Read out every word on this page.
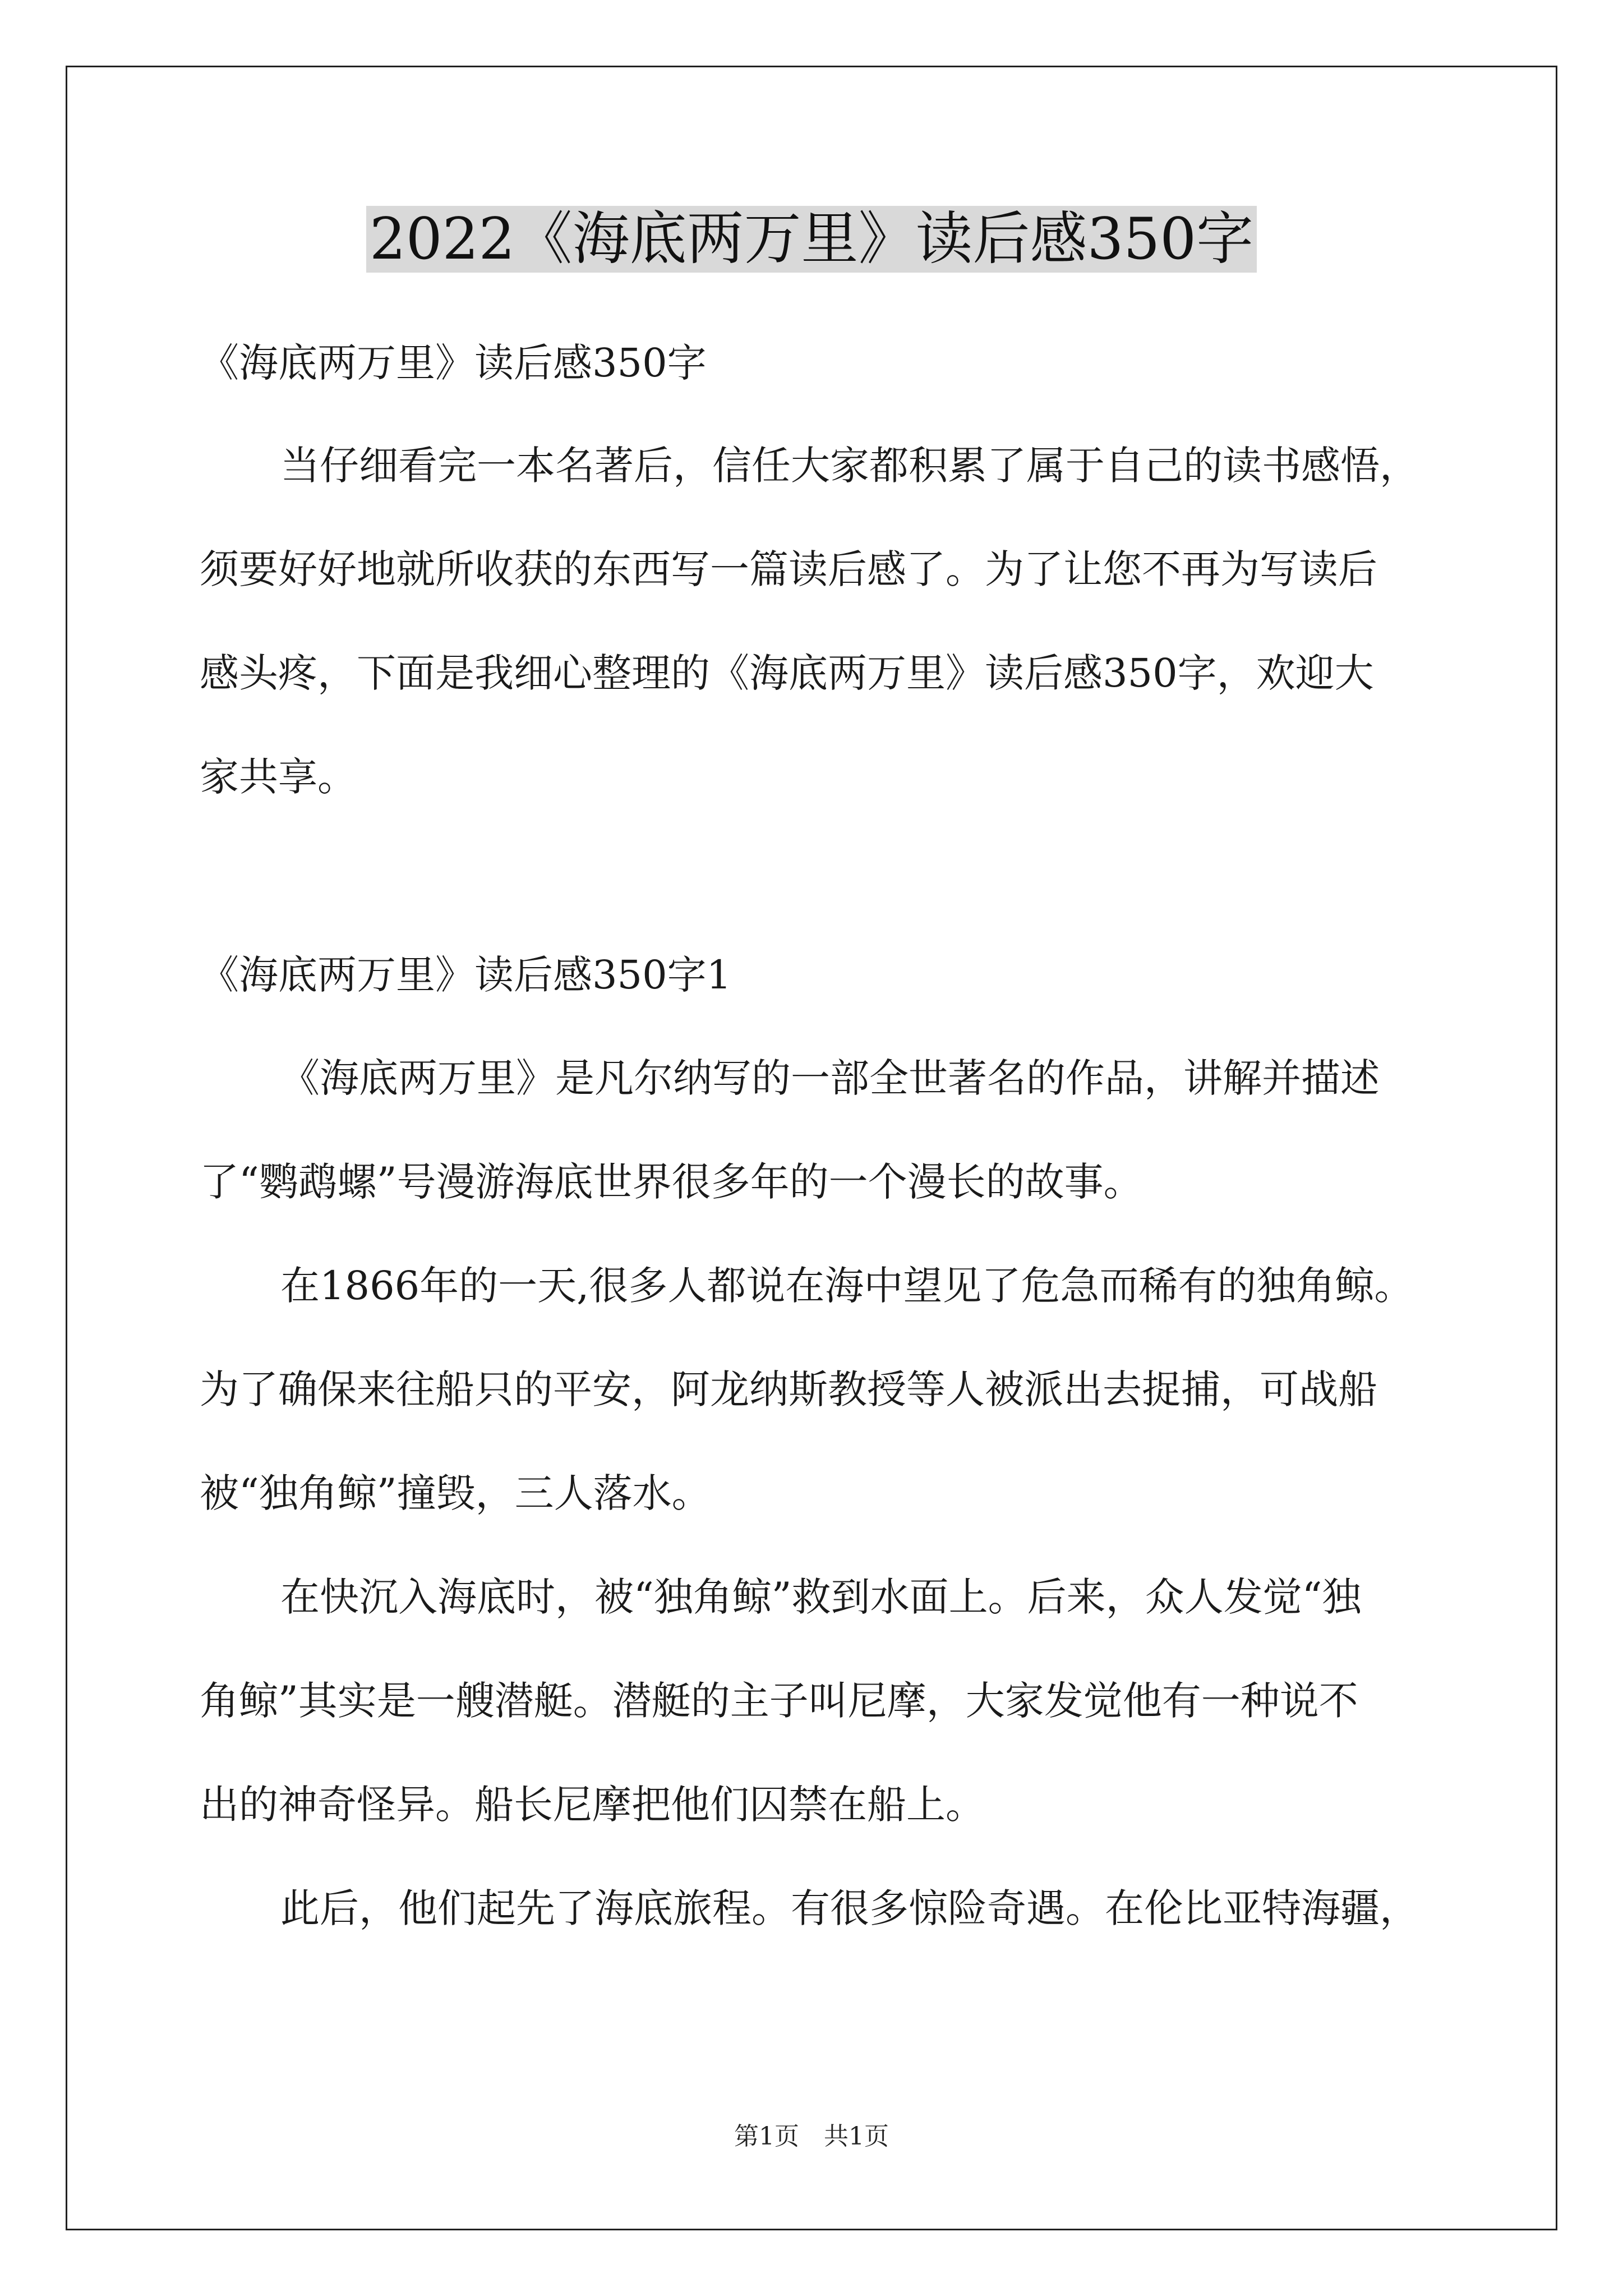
2022《海底两万里》读后感350字

《海底两万里》读后感350字

当仔细看完一本名著后，信任大家都积累了属于自己的读书感悟，

须要好好地就所收获的东西写一篇读后感了。为了让您不再为写读后

感头疼，下面是我细心整理的《海底两万里》读后感350字，欢迎大

家共享。

《海底两万里》读后感350字1

《海底两万里》是凡尔纳写的一部全世著名的作品，讲解并描述

了“鹦鹉螺”号漫游海底世界很多年的一个漫长的故事。

在1866年的一天,很多人都说在海中望见了危急而稀有的独角鲸。

为了确保来往船只的平安，阿龙纳斯教授等人被派出去捉捕，可战船

被“独角鲸”撞毁，三人落水。

在快沉入海底时，被“独角鲸”救到水面上。后来，众人发觉“独

角鲸”其实是一艘潜艇。潜艇的主子叫尼摩，大家发觉他有一种说不

出的神奇怪异。船长尼摩把他们囚禁在船上。

此后，他们起先了海底旅程。有很多惊险奇遇。在伦比亚特海疆，

第1页　共1页
